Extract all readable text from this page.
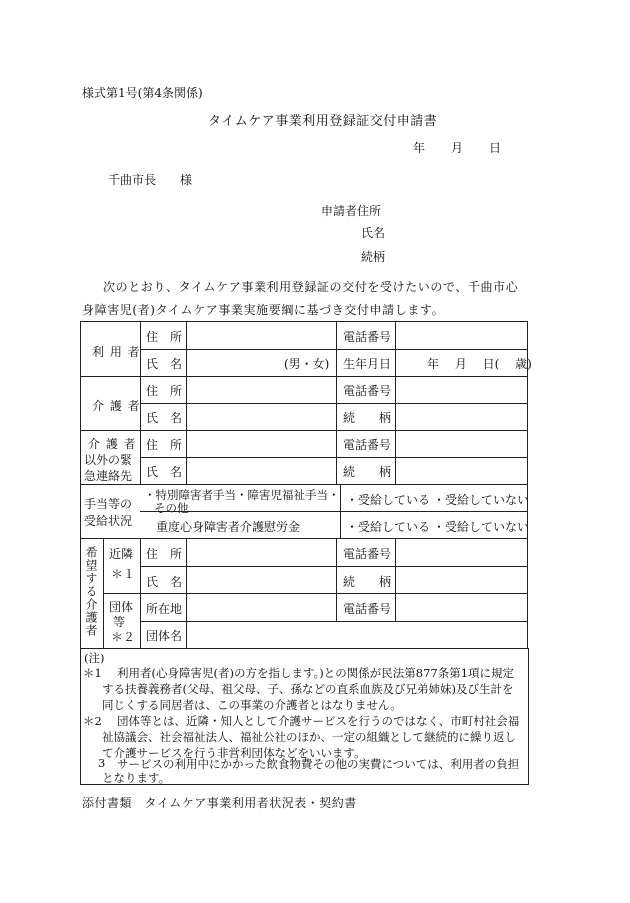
様式第1号(第4条関係)
タイムケア事業利用登録証交付申請書
年 月 日
千曲市長 様
申請者住所
氏名
続柄
次のとおり、タイムケア事業利用登録証の交付を受けたいので、千曲市心
身障害児(者)タイムケア事業実施要綱に基づき交付申請します。
利 用 者
住　所
氏　名	(男・女)
電話番号
生年月日	年　 月　 日(　 歳)
介 護 者
住　所
氏　名
電話番号
続　　柄
介 護 者
以外の緊
急連絡先
住　所
氏　名
電話番号
続　　柄
手当等の
受給状況
・特別障害者手当・障害児福祉手当・
その他
重度心身障害者介護慰労金
・受給している ・受給していない
・受給している ・受給していない
希望する介護者 近隣
＊１
団体
等
＊２
住　所
氏　名
所在地
団体名
電話番号
続　　柄
電話番号
(注)
＊1 利用者(心身障害児(者)の方を指します。)との関係が民法第877条第1項に規定
する扶養義務者(父母、祖父母、子、孫などの直系血族及び兄弟姉妹)及び生計を
同じくする同居者は、この事業の介護者とはなりません。
＊2 団体等とは、近隣・知人として介護サービスを行うのではなく、市町村社会福
祉協議会、社会福祉法人、福祉公社のほか、一定の組織として継続的に繰り返し
て介護サービスを行う非営利団体などをいいます。
3 サービスの利用中にかかった飲食物費その他の実費については、利用者の負担
となります。
添付書類　タイムケア事業利用者状況表・契約書
